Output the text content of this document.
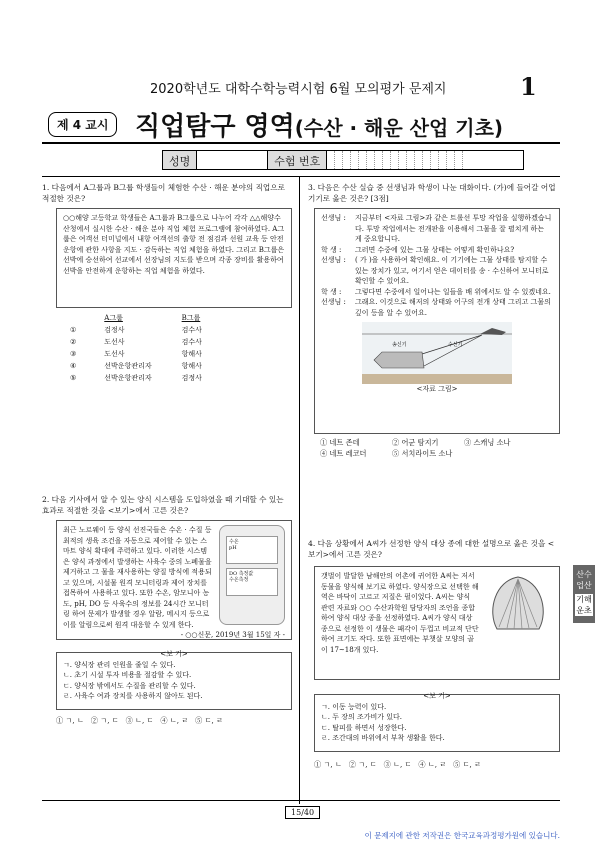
2020학년도 대학수학능력시험 6월 모의평가 문제지	1
제 4 교시	직업탐구 영역(수산 · 해운 산업 기초)
성명	수험 번호
1. 다음에서 A그룹과 B그룹 학생들이 체험한 수산 · 해운 분야의 직업으로 적절한 것은?
○○해양 고등학교 학생들은 A그룹과 B그룹으로 나누어 각각 △△해양수산청에서 실시한 수산 · 해운 분야 직업 체험 프로그램에 참여하였다. A그룹은 여객선 터미널에서 내항 여객선의 출항 전 점검과 선원 교육 등 안전 운항에 관한 사항을 지도 · 감독하는 직업 체험을 하였다. 그리고 B그룹은 선박에 승선하여 선교에서 선장님의 지도를 받으며 각종 장비를 활용하여 선박을 안전하게 운항하는 직업 체험을 하였다.
	A그룹	B그룹
①	검정사	검수사
②	도선사	검수사
③	도선사	항해사
④	선박운항관리자	항해사
⑤	선박운항관리자	검정사
2. 다음 기사에서 알 수 있는 양식 시스템을 도입하였을 때 기대할 수 있는 효과로 적절한 것을 <보기>에서 고른 것은?
수온
pH
DO 측정값
수온측정
최근 노르웨이 등 양식 선진국들은 수온 · 수질 등 최적의 생육 조건을 자동으로 제어할 수 있는 스마트 양식 확대에 주력하고 있다. 이러한 시스템은 양식 과정에서 발생하는 사육수 중의 노폐물을 제거하고 그 물을 재사용하는 양질 방식에 적용되고 있으며, 시설물 원격 모니터링과 제어 장치를 접목하여 사용하고 있다. 또한 수온, 암모니아 농도, pH, DO 등 사육수의 정보를 24시간 모니터링 하여 문제가 발생할 경우 알람, 메시지 등으로 이를 알림으로써 원격 대응할 수 있게 한다.
- ○○신문, 2019년 3월 15일 자 -
<보 기>
ㄱ. 양식장 관리 인원을 줄일 수 있다.
ㄴ. 초기 시설 투자 비용을 절감할 수 있다.
ㄷ. 양식장 밖에서도 수질을 관리할 수 있다.
ㄹ. 사육수 여과 장치를 사용하지 않아도 된다.
① ㄱ, ㄴ   ② ㄱ, ㄷ   ③ ㄴ, ㄷ   ④ ㄴ, ㄹ   ⑤ ㄷ, ㄹ
3. 다음은 수산 실습 중 선생님과 학생이 나눈 대화이다. (가)에 들어갈 어업 기기로 옳은 것은? [3점]
선생님 :	지금부터 <자료 그림>과 같은 트롤선 투망 작업을 실행하겠습니다. 투망 작업에서는 전개판을 이용해서 그물을 잘 펼치게 하는 게 중요합니다.
학 생 :	그러면 수중에 있는 그물 상태는 어떻게 확인하나요?
선생님 :	( 가 )을 사용하여 확인해요. 이 기기에는 그물 상태를 탐지할 수 있는 장치가 있고, 여기서 얻은 데이터를 송 · 수신하여 모니터로 확인할 수 있어요.
학 생 :	그렇다면 수중에서 일어나는 일들을 배 위에서도 알 수 있겠네요.
선생님 :	그래요. 이것으로 해저의 상태와 어구의 전개 상태 그리고 그물의 깊이 등을 알 수 있어요.
송신기	수신기
<자료 그림>
① 네트 존데	② 어군 탐지기	③ 스캐닝 소나
④ 네트 레코더	⑤ 서치라이트 소나
4. 다음 상황에서 A씨가 선정한 양식 대상 종에 대한 설명으로 옳은 것을 <보기>에서 고른 것은?
갯벌이 발달한 남해안의 어촌에 귀어한 A씨는 저서동물을 양식해 보기로 하였다. 양식장으로 선택한 해역은 바닥이 고르고 저질은 펄이었다. A씨는 양식 관련 자료와 ○○ 수산과학원 담당자의 조언을 종합하여 양식 대상 종을 선정하였다. A씨가 양식 대상 종으로 선정한 이 생물은 패각이 두껍고 비교적 단단하여 크기도 작다. 또한 표면에는 부챗살 모양의 골이 17~18개 있다.
<보 기>
ㄱ. 이동 능력이 있다.
ㄴ. 두 장의 조가비가 있다.
ㄷ. 탈피를 하면서 성장한다.
ㄹ. 조간대의 바위에서 부착 생활을 한다.
① ㄱ, ㄴ   ② ㄱ, ㄷ   ③ ㄴ, ㄷ   ④ ㄴ, ㄹ   ⑤ ㄷ, ㄹ
산수업산
기해운초
15/40
이 문제지에 관한 저작권은 한국교육과정평가원에 있습니다.
